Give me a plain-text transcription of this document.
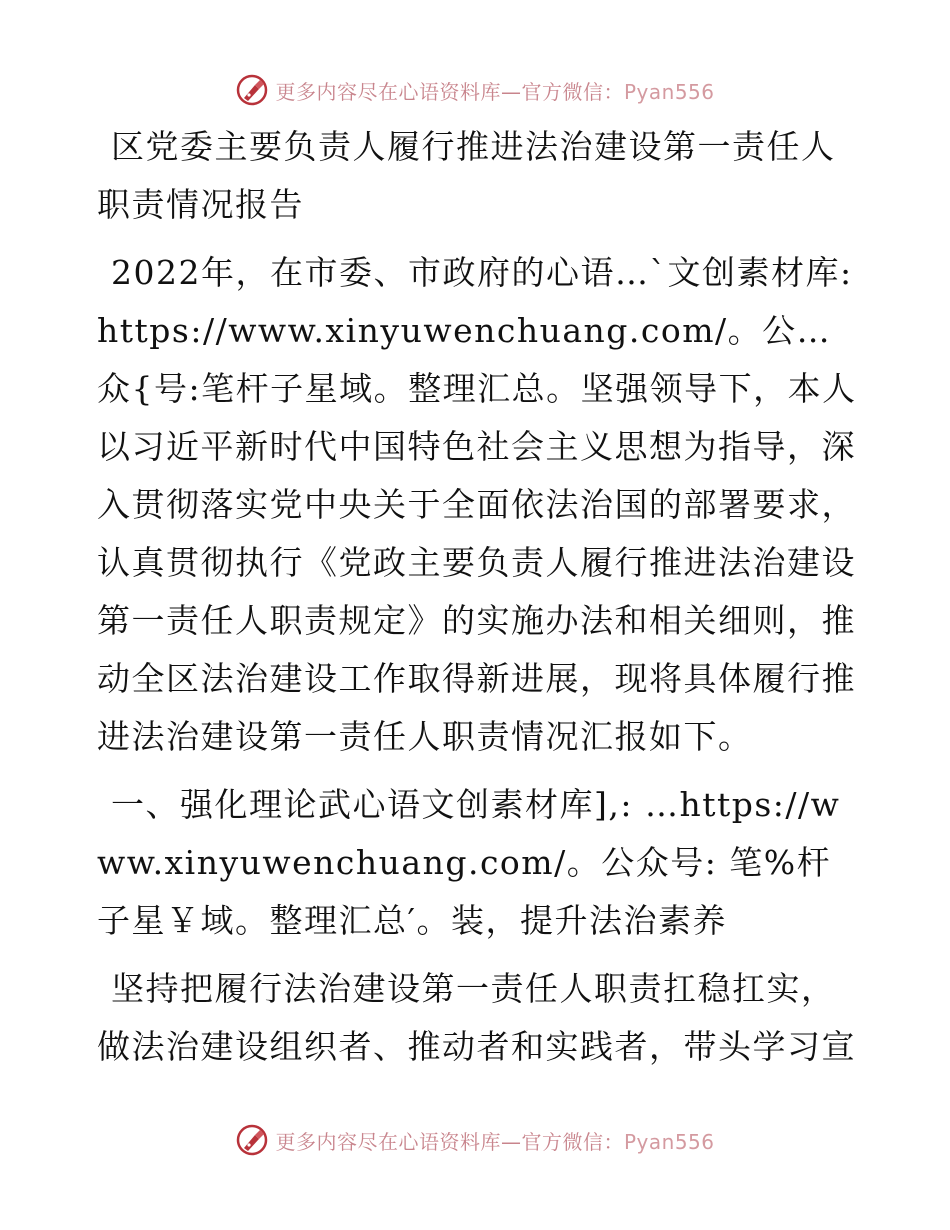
更多内容尽在心语资料库—官方微信：Pyan556

区党委主要负责人履行推进法治建设第一责任人职责情况报告

2022年，在市委、市政府的心语…`文创素材库:https://www.xinyuwenchuang.com/。公…众{号:笔杆子星域。整理汇总。坚强领导下，本人以习近平新时代中国特色社会主义思想为指导，深入贯彻落实党中央关于全面依法治国的部署要求，认真贯彻执行《党政主要负责人履行推进法治建设第一责任人职责规定》的实施办法和相关细则，推动全区法治建设工作取得新进展，现将具体履行推进法治建设第一责任人职责情况汇报如下。

一、强化理论武心语文创素材库],: …https://www.xinyuwenchuang.com/。公众号: 笔%杆子星￥域。整理汇总′。装，提升法治素养

坚持把履行法治建设第一责任人职责扛稳扛实，做法治建设组织者、推动者和实践者，带头学习宣

更多内容尽在心语资料库—官方微信：Pyan556
